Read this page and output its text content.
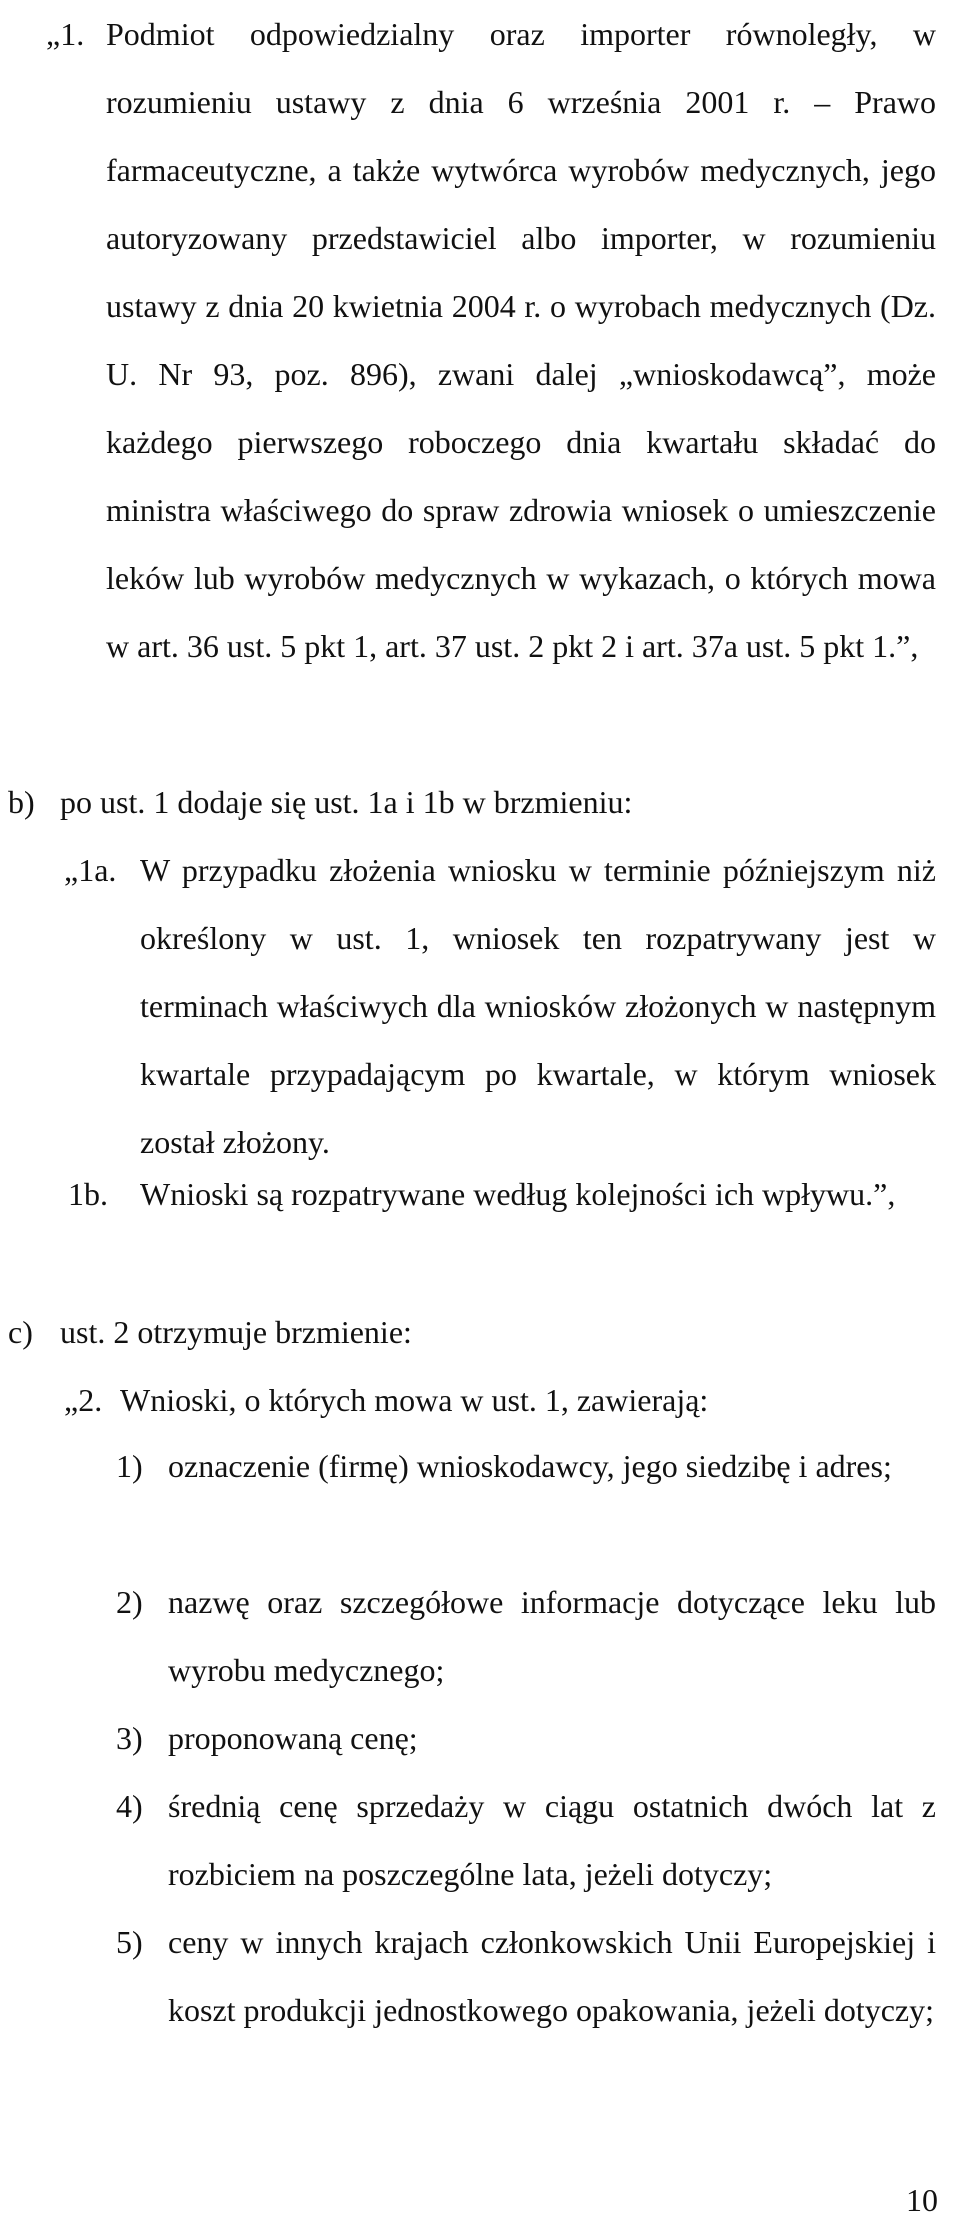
„1. Podmiot odpowiedzialny oraz importer równoległy, w rozumieniu ustawy z dnia 6 września 2001 r. – Prawo farmaceutyczne, a także wytwórca wyrobów medycznych, jego autoryzowany przedstawiciel albo importer, w rozumieniu ustawy z dnia 20 kwietnia 2004 r. o wyrobach medycznych (Dz. U. Nr 93, poz. 896), zwani dalej „wnioskodawcą”, może każdego pierwszego roboczego dnia kwartału składać do ministra właściwego do spraw zdrowia wniosek o umieszczenie leków lub wyrobów medycznych w wykazach, o których mowa w art. 36 ust. 5 pkt 1, art. 37 ust. 2 pkt 2 i art. 37a ust. 5 pkt 1.”,
b) po ust. 1 dodaje się ust. 1a i 1b w brzmieniu:
„1a. W przypadku złożenia wniosku w terminie późniejszym niż określony w ust. 1, wniosek ten rozpatrywany jest w terminach właściwych dla wniosków złożonych w następnym kwartale przypadającym po kwartale, w którym wniosek został złożony.
1b. Wnioski są rozpatrywane według kolejności ich wpływu.”,
c) ust. 2 otrzymuje brzmienie:
„2. Wnioski, o których mowa w ust. 1, zawierają:
1) oznaczenie (firmę) wnioskodawcy, jego siedzibę i adres;
2) nazwę oraz szczegółowe informacje dotyczące leku lub wyrobu medycznego;
3) proponowaną cenę;
4) średnią cenę sprzedaży w ciągu ostatnich dwóch lat z rozbiciem na poszczególne lata, jeżeli dotyczy;
5) ceny w innych krajach członkowskich Unii Europejskiej i koszt produkcji jednostkowego opakowania, jeżeli dotyczy;
10
